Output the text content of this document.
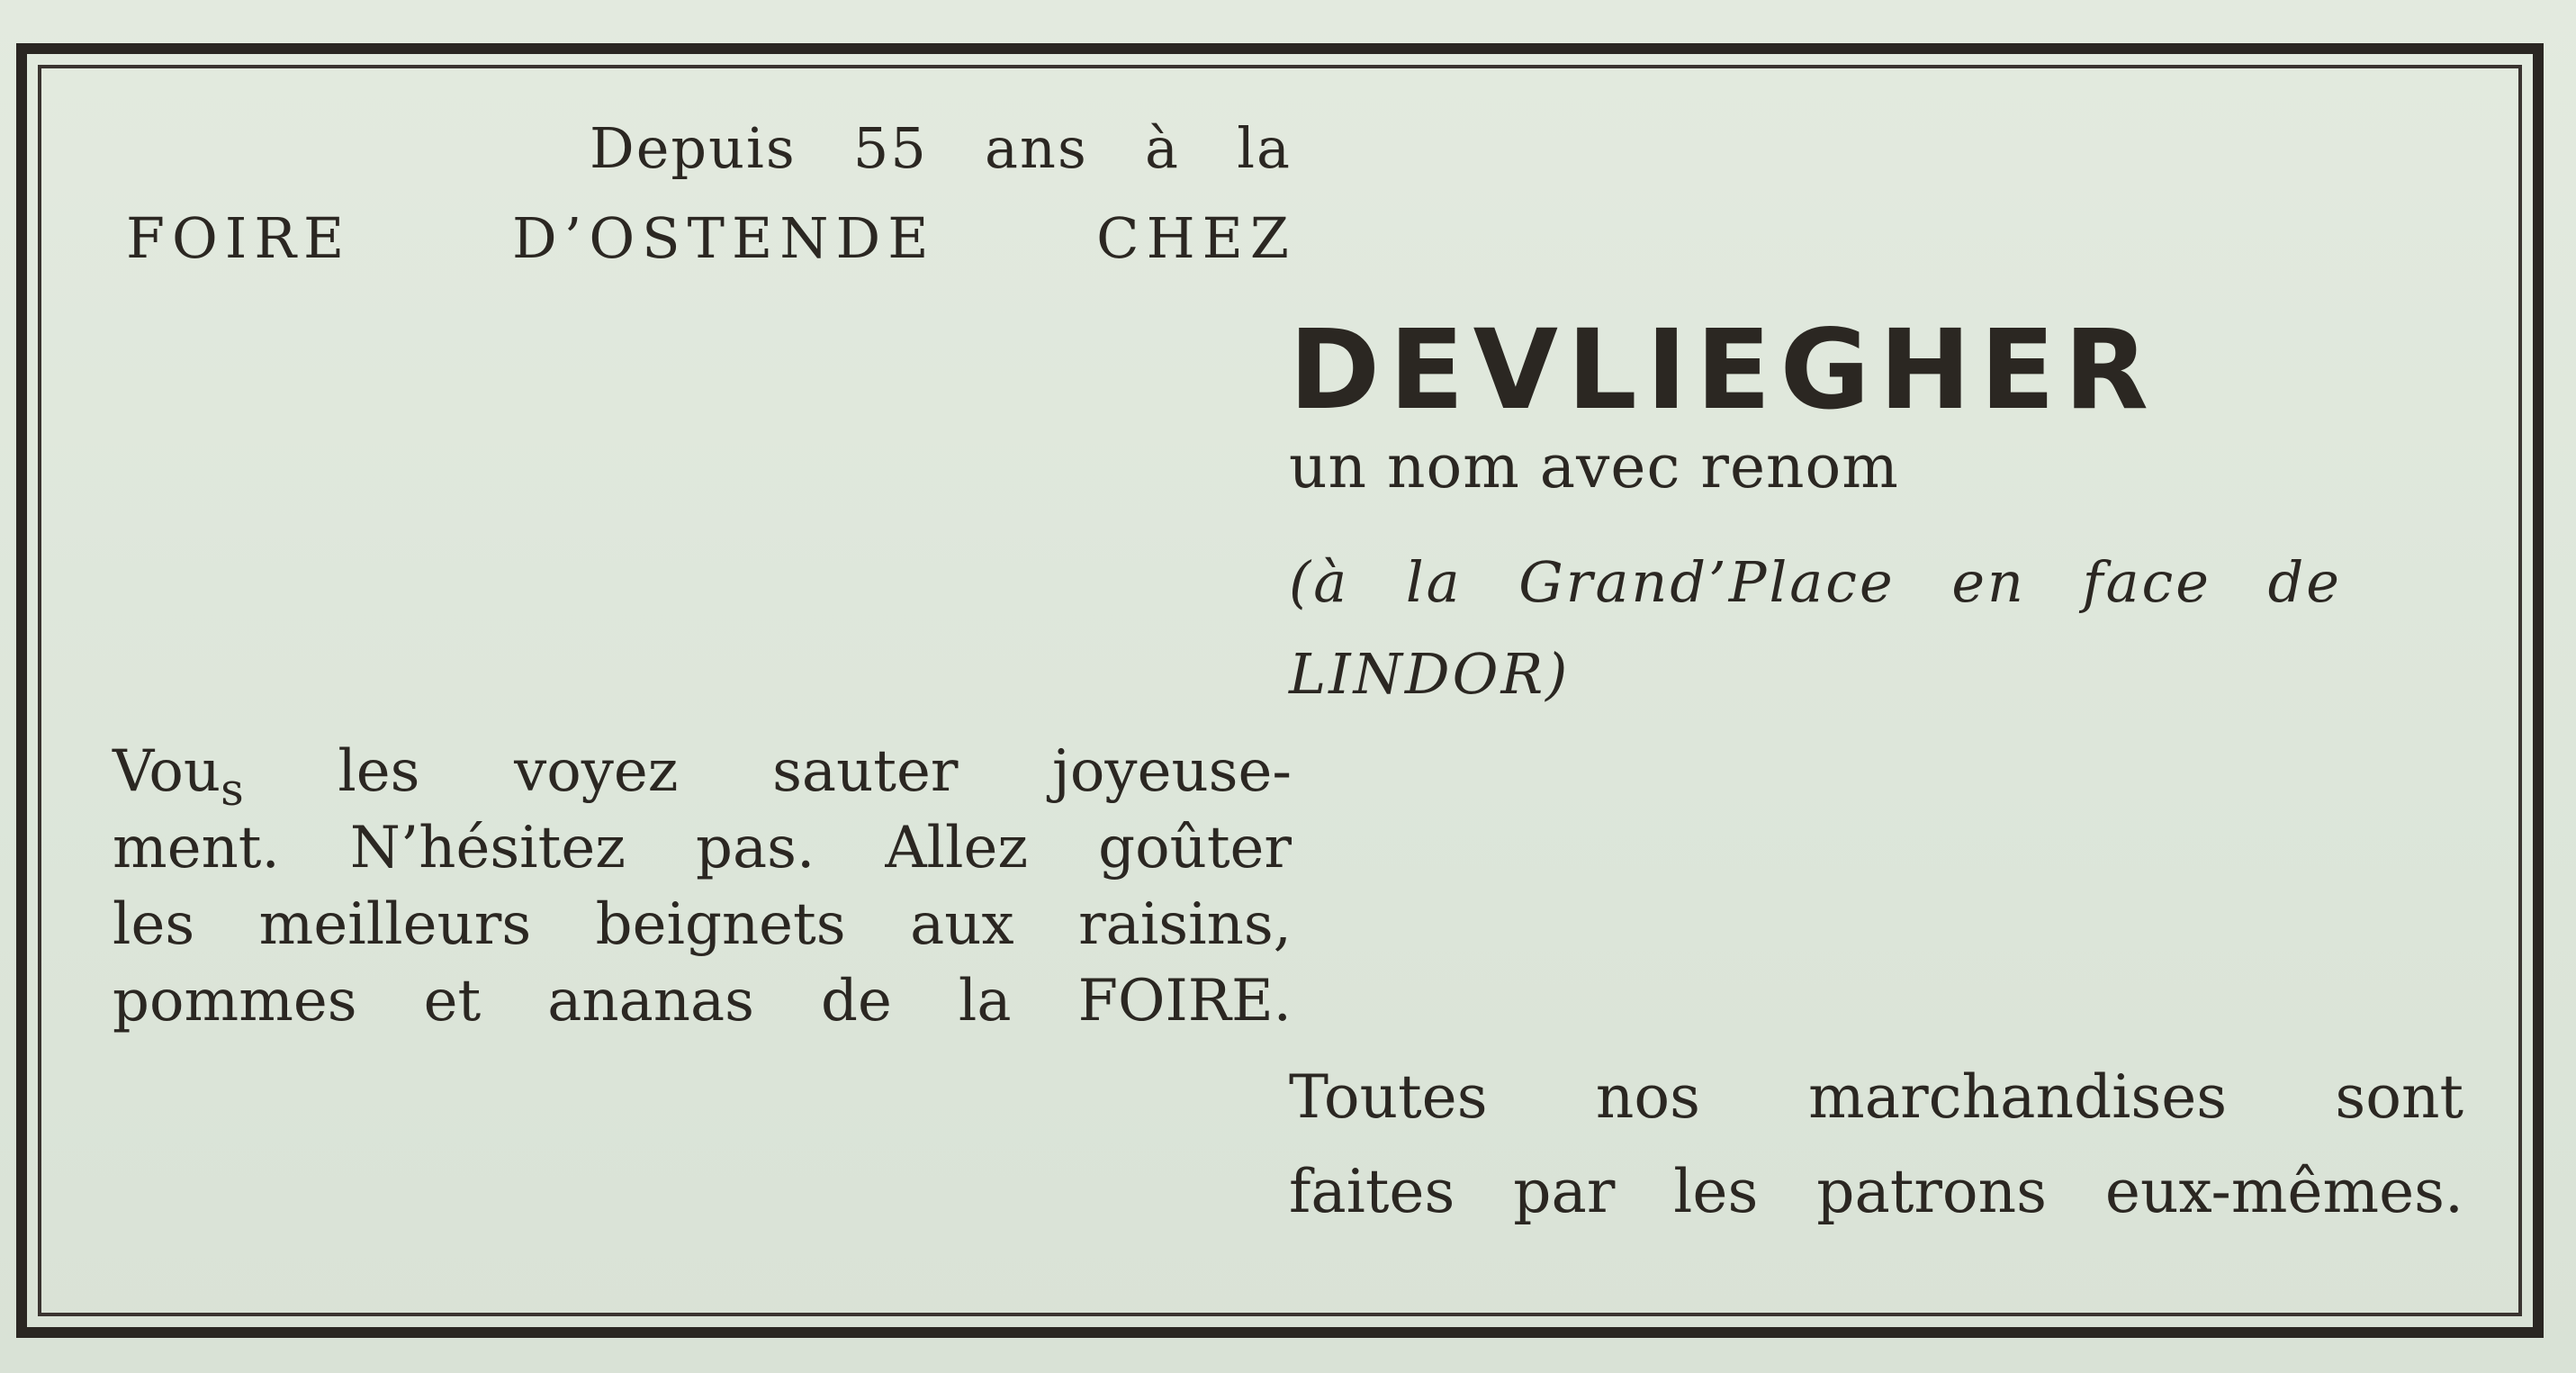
Depuis 55 ans à la
FOIRE D’OSTENDE CHEZ
DEVLIEGHER
un nom avec renom
(à la Grand’Place en face de
LINDOR)
Vou$_s$ les voyez sauter joyeuse-
ment. N’hésitez pas. Allez goûter
les meilleurs beignets aux raisins,
pommes et ananas de la FOIRE.
Toutes nos marchandises sont
faites par les patrons eux-mêmes.
